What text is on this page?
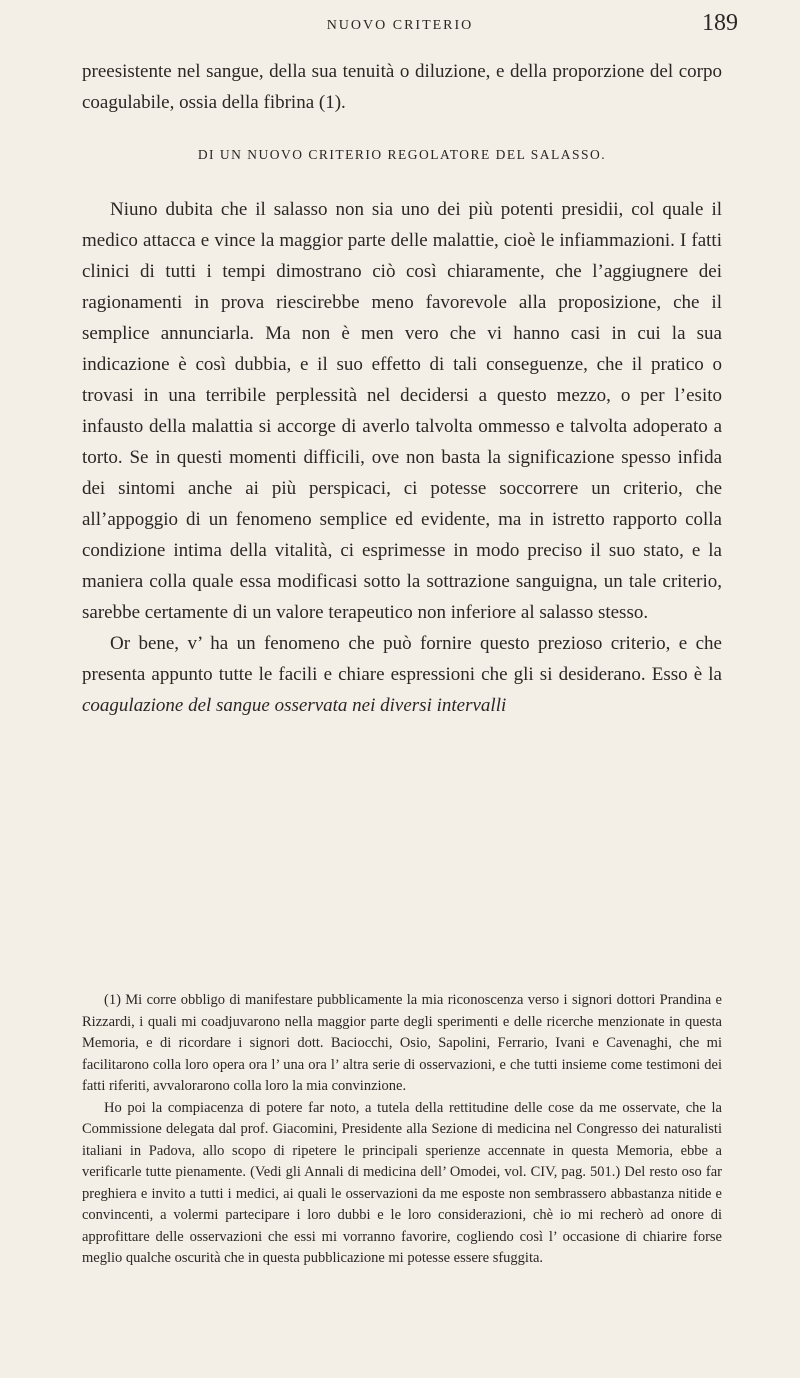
NUOVO CRITERIO	189

preesistente nel sangue, della sua tenuità o diluzione, e della proporzione del corpo coagulabile, ossia della fibrina (1).

DI UN NUOVO CRITERIO REGOLATORE DEL SALASSO.

Niuno dubita che il salasso non sia uno dei più potenti presidii, col quale il medico attacca e vince la maggior parte delle malattie, cioè le infiammazioni. I fatti clinici di tutti i tempi dimostrano ciò così chiaramente, che l’aggiugnere dei ragionamenti in prova riescirebbe meno favorevole alla proposizione, che il semplice annunciarla. Ma non è men vero che vi hanno casi in cui la sua indicazione è così dubbia, e il suo effetto di tali conseguenze, che il pratico o trovasi in una terribile perplessità nel decidersi a questo mezzo, o per l’esito infausto della malattia si accorge di averlo talvolta ommesso e talvolta adoperato a torto. Se in questi momenti difficili, ove non basta la significazione spesso infida dei sintomi anche ai più perspicaci, ci potesse soccorrere un criterio, che all’appoggio di un fenomeno semplice ed evidente, ma in istretto rapporto colla condizione intima della vitalità, ci esprimesse in modo preciso il suo stato, e la maniera colla quale essa modificasi sotto la sottrazione sanguigna, un tale criterio, sarebbe certamente di un valore terapeutico non inferiore al salasso stesso.

Or bene, v’ ha un fenomeno che può fornire questo prezioso criterio, e che presenta appunto tutte le facili e chiare espressioni che gli si desiderano. Esso è la coagulazione del sangue osservata nei diversi intervalli

(1) Mi corre obbligo di manifestare pubblicamente la mia riconoscenza verso i signori dottori Prandina e Rizzardi, i quali mi coadjuvarono nella maggior parte degli sperimenti e delle ricerche menzionate in questa Memoria, e di ricordare i signori dott. Baciocchi, Osio, Sapolini, Ferrario, Ivani e Cavenaghi, che mi facilitarono colla loro opera ora l’ una ora l’ altra serie di osservazioni, e che tutti insieme come testimoni dei fatti riferiti, avvalorarono colla loro la mia convinzione.

Ho poi la compiacenza di potere far noto, a tutela della rettitudine delle cose da me osservate, che la Commissione delegata dal prof. Giacomini, Presidente alla Sezione di medicina nel Congresso dei naturalisti italiani in Padova, allo scopo di ripetere le principali sperienze accennate in questa Memoria, ebbe a verificarle tutte pienamente. (Vedi gli Annali di medicina dell’ Omodei, vol. CIV, pag. 501.) Del resto oso far preghiera e invito a tutti i medici, ai quali le osservazioni da me esposte non sembrassero abbastanza nitide e convincenti, a volermi partecipare i loro dubbi e le loro considerazioni, chè io mi recherò ad onore di approfittare delle osservazioni che essi mi vorranno favorire, cogliendo così l’ occasione di chiarire forse meglio qualche oscurità che in questa pubblicazione mi potesse essere sfuggita.
